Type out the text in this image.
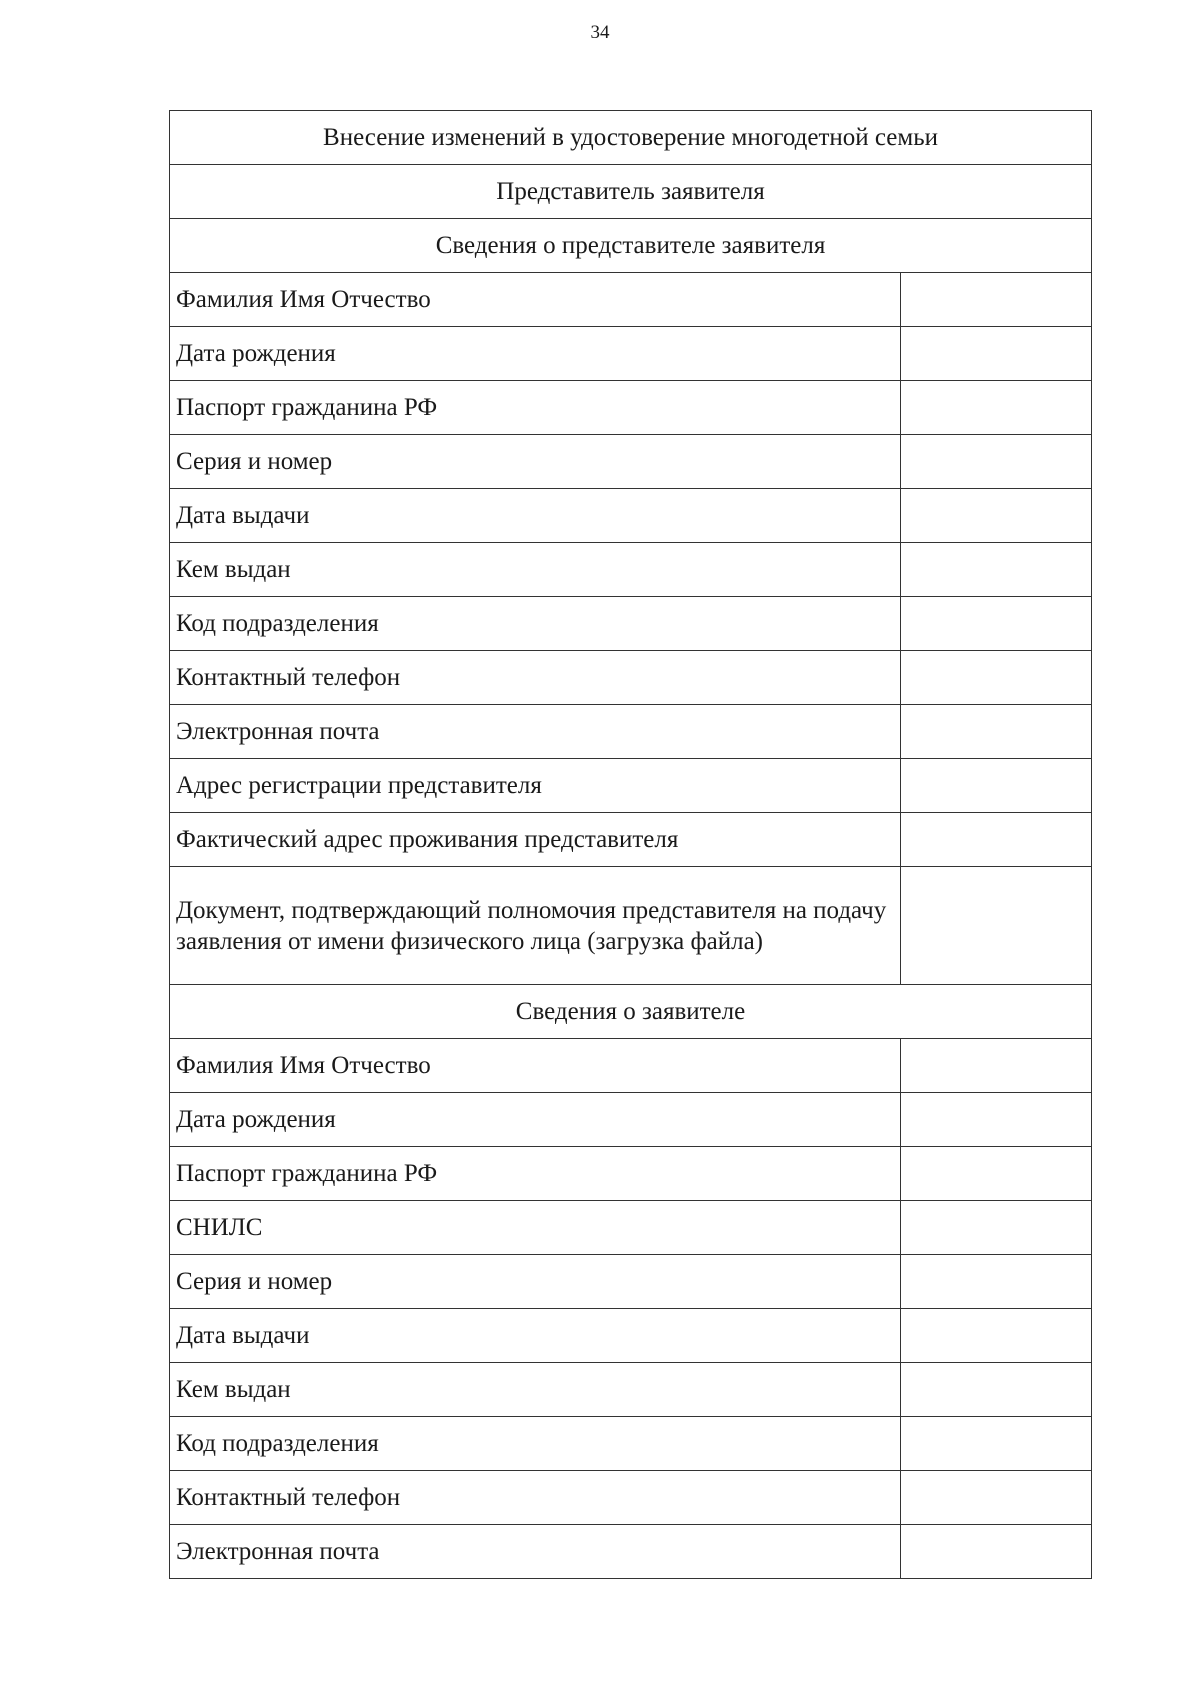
34
Внесение изменений в удостоверение многодетной семьи	
Представитель заявителя	
Сведения о представителе заявителя	
Фамилия Имя Отчество	
Дата рождения	
Паспорт гражданина РФ	
Серия и номер	
Дата выдачи	
Кем выдан	
Код подразделения	
Контактный телефон	
Электронная почта	
Адрес регистрации представителя	
Фактический адрес проживания представителя	
Документ, подтверждающий полномочия представителя на подачу заявления от имени физического лица (загрузка файла)	
Сведения о заявителе	
Фамилия Имя Отчество	
Дата рождения	
Паспорт гражданина РФ	
СНИЛС	
Серия и номер	
Дата выдачи	
Кем выдан	
Код подразделения	
Контактный телефон	
Электронная почта	
